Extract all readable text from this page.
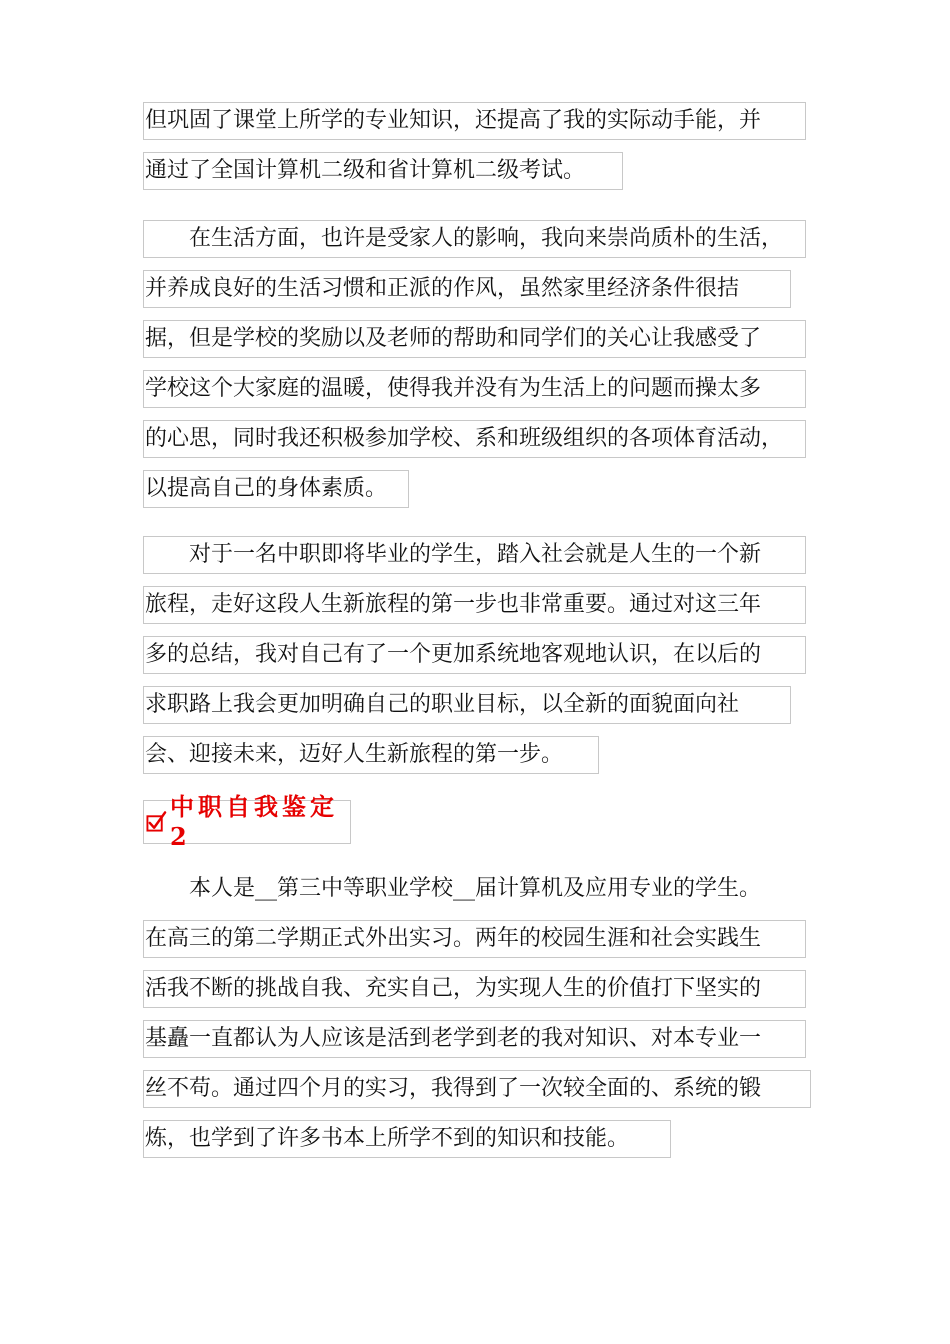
但巩固了课堂上所学的专业知识，还提高了我的实际动手能，并
通过了全国计算机二级和省计算机二级考试。
在生活方面，也许是受家人的影响，我向来崇尚质朴的生活，
并养成良好的生活习惯和正派的作风，虽然家里经济条件很拮
据，但是学校的奖励以及老师的帮助和同学们的关心让我感受了
学校这个大家庭的温暖，使得我并没有为生活上的问题而操太多
的心思，同时我还积极参加学校、系和班级组织的各项体育活动，
以提高自己的身体素质。
对于一名中职即将毕业的学生，踏入社会就是人生的一个新
旅程，走好这段人生新旅程的第一步也非常重要。通过对这三年
多的总结，我对自己有了一个更加系统地客观地认识，在以后的
求职路上我会更加明确自己的职业目标，以全新的面貌面向社
会、迎接未来，迈好人生新旅程的第一步。
中职自我鉴定2
本人是__第三中等职业学校__届计算机及应用专业的学生。
在高三的第二学期正式外出实习。两年的校园生涯和社会实践生
活我不断的挑战自我、充实自己，为实现人生的价值打下坚实的
基矗一直都认为人应该是活到老学到老的我对知识、对本专业一
丝不苟。通过四个月的实习，我得到了一次较全面的、系统的锻
炼，也学到了许多书本上所学不到的知识和技能。
